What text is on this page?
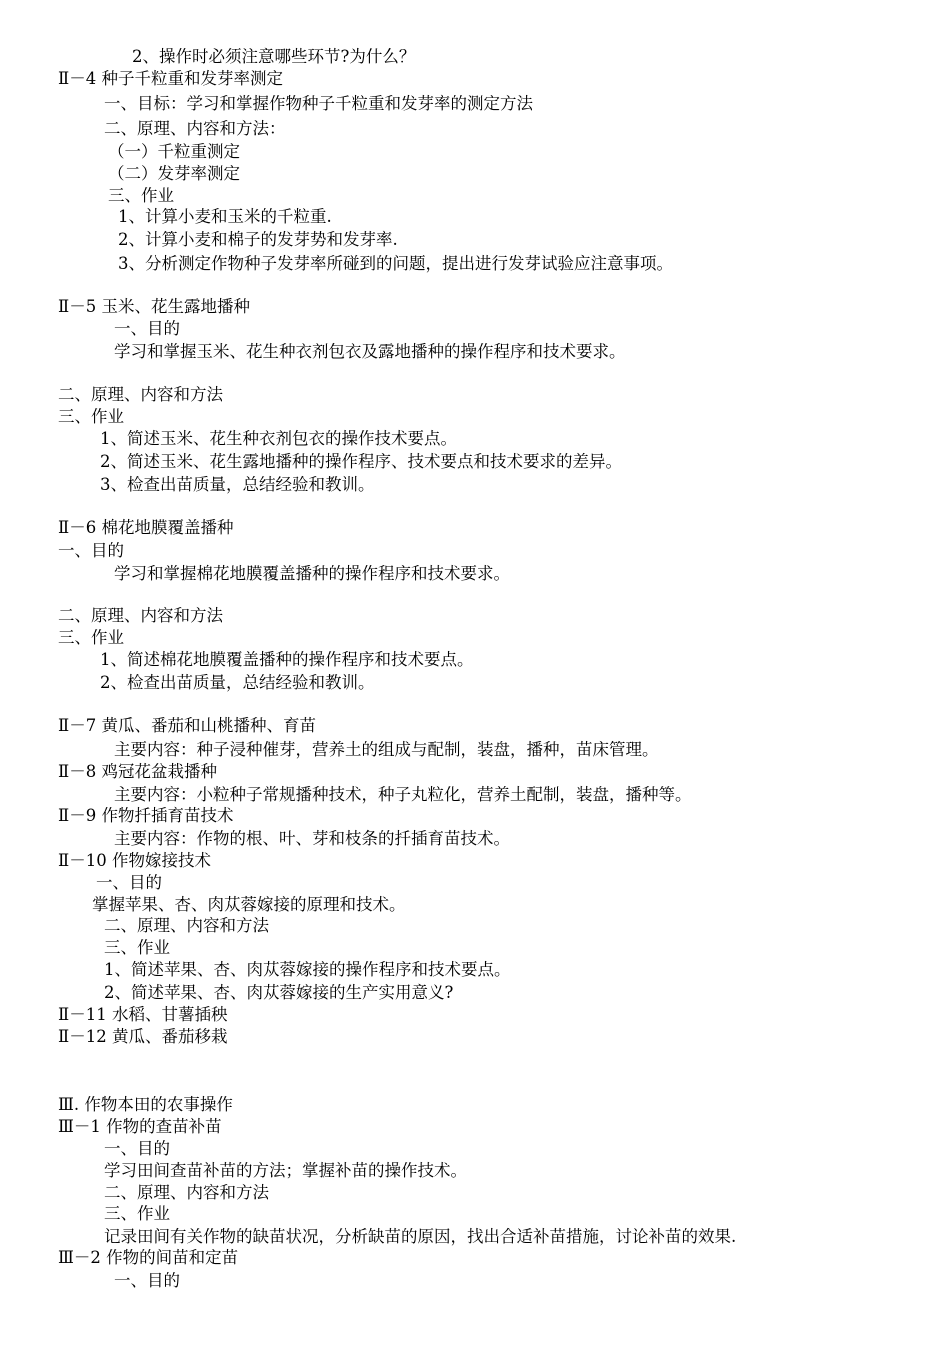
2、操作时必须注意哪些环节?为什么？
Ⅱ－4 种子千粒重和发芽率测定
一、目标：学习和掌握作物种子千粒重和发芽率的测定方法
二、原理、内容和方法：
（一）千粒重测定
（二）发芽率测定
三、作业
1、计算小麦和玉米的千粒重.
2、计算小麦和棉子的发芽势和发芽率.
3、分析测定作物种子发芽率所碰到的问题，提出进行发芽试验应注意事项。
Ⅱ－5 玉米、花生露地播种
一、目的
学习和掌握玉米、花生种衣剂包衣及露地播种的操作程序和技术要求。
二、原理、内容和方法
三、作业
1、简述玉米、花生种衣剂包衣的操作技术要点。
2、简述玉米、花生露地播种的操作程序、技术要点和技术要求的差异。
3、检查出苗质量，总结经验和教训。
Ⅱ－6 棉花地膜覆盖播种
一、目的
学习和掌握棉花地膜覆盖播种的操作程序和技术要求。
二、原理、内容和方法
三、作业
1、简述棉花地膜覆盖播种的操作程序和技术要点。
2、检查出苗质量，总结经验和教训。
Ⅱ－7 黄瓜、番茄和山桃播种、育苗
主要内容：种子浸种催芽，营养土的组成与配制，装盘，播种，苗床管理。
Ⅱ－8 鸡冠花盆栽播种
主要内容：小粒种子常规播种技术，种子丸粒化，营养土配制，装盘，播种等。
Ⅱ－9 作物扦插育苗技术
主要内容：作物的根、叶、芽和枝条的扦插育苗技术。
Ⅱ－10 作物嫁接技术
一、目的
掌握苹果、杏、肉苁蓉嫁接的原理和技术。
二、原理、内容和方法
三、作业
1、简述苹果、杏、肉苁蓉嫁接的操作程序和技术要点。
2、简述苹果、杏、肉苁蓉嫁接的生产实用意义?
Ⅱ－11 水稻、甘薯插秧
Ⅱ－12 黄瓜、番茄移栽
Ⅲ. 作物本田的农事操作
Ⅲ－1 作物的查苗补苗
一、目的
学习田间查苗补苗的方法；掌握补苗的操作技术。
二、原理、内容和方法
三、作业
记录田间有关作物的缺苗状况，分析缺苗的原因，找出合适补苗措施，讨论补苗的效果.
Ⅲ－2 作物的间苗和定苗
一、目的
